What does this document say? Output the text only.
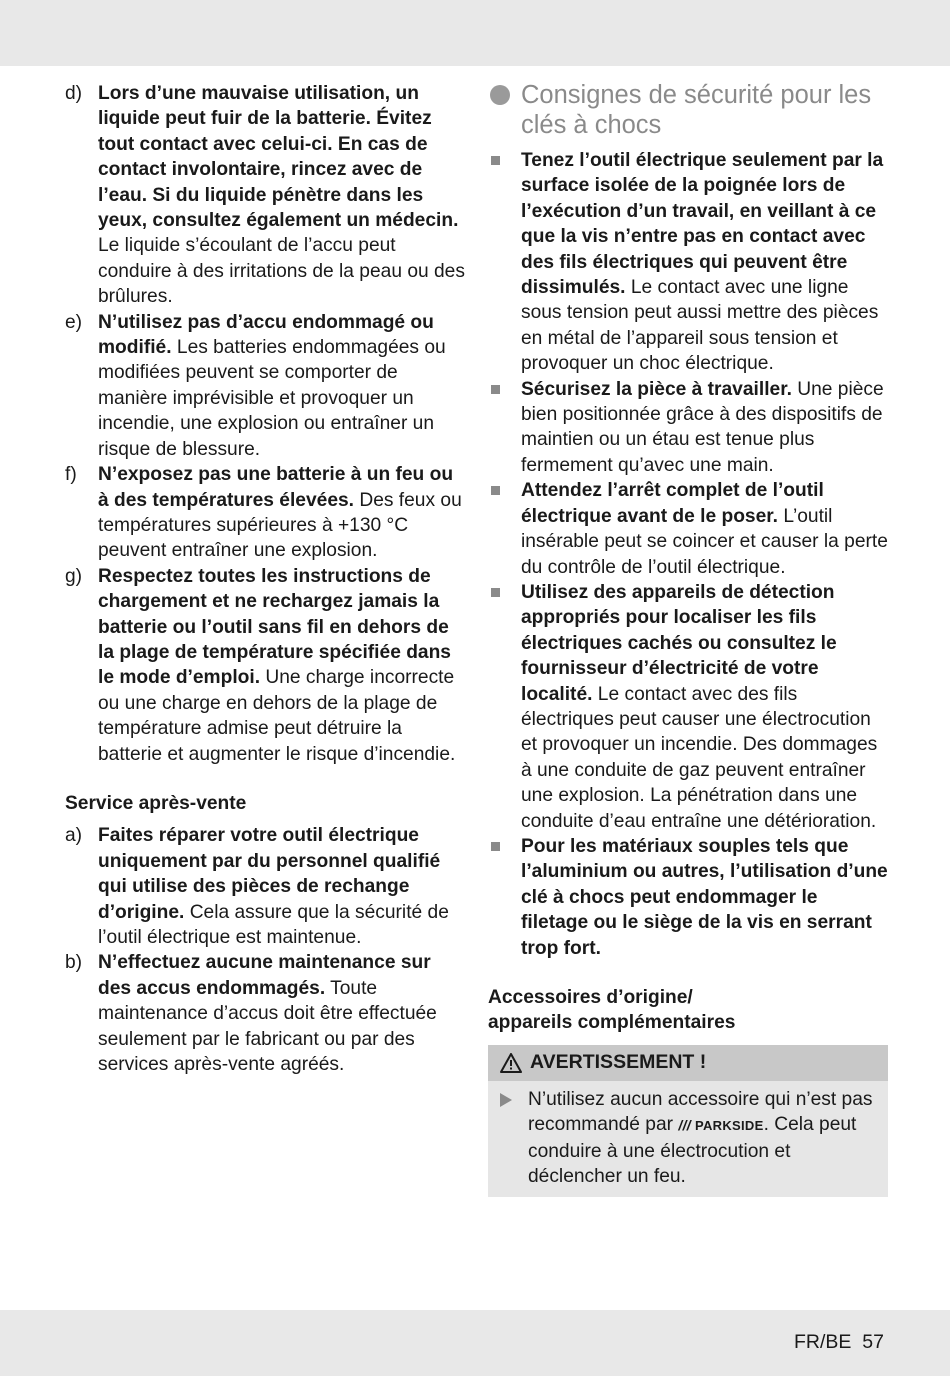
d) Lors d’une mauvaise utilisation, un liquide peut fuir de la batterie. Évitez tout contact avec celui-ci. En cas de contact involontaire, rincez avec de l’eau. Si du liquide pénètre dans les yeux, consultez également un médecin. Le liquide s’écoulant de l’accu peut conduire à des irritations de la peau ou des brûlures.
e) N’utilisez pas d’accu endommagé ou modifié. Les batteries endommagées ou modifiées peuvent se comporter de manière imprévisible et provoquer un incendie, une explosion ou entraîner un risque de blessure.
f) N’exposez pas une batterie à un feu ou à des températures élevées. Des feux ou températures supérieures à +130 °C peuvent entraîner une explosion.
g) Respectez toutes les instructions de chargement et ne rechargez jamais la batterie ou l’outil sans fil en dehors de la plage de température spécifiée dans le mode d’emploi. Une charge incorrecte ou une charge en dehors de la plage de température admise peut détruire la batterie et augmenter le risque d’incendie.
Service après-vente
a) Faites réparer votre outil électrique uniquement par du personnel qualifié qui utilise des pièces de rechange d’origine. Cela assure que la sécurité de l’outil électrique est maintenue.
b) N’effectuez aucune maintenance sur des accus endommagés. Toute maintenance d’accus doit être effectuée seulement par le fabricant ou par des services après-vente agréés.
Consignes de sécurité pour les clés à chocs
Tenez l’outil électrique seulement par la surface isolée de la poignée lors de l’exécution d’un travail, en veillant à ce que la vis n’entre pas en contact avec des fils électriques qui peuvent être dissimulés. Le contact avec une ligne sous tension peut aussi mettre des pièces en métal de l’appareil sous tension et provoquer un choc électrique.
Sécurisez la pièce à travailler. Une pièce bien positionnée grâce à des dispositifs de maintien ou un étau est tenue plus fermement qu’avec une main.
Attendez l’arrêt complet de l’outil électrique avant de le poser. L’outil insérable peut se coincer et causer la perte du contrôle de l’outil électrique.
Utilisez des appareils de détection appropriés pour localiser les fils électriques cachés ou consultez le fournisseur d’électricité de votre localité. Le contact avec des fils électriques peut causer une électrocution et provoquer un incendie. Des dommages à une conduite de gaz peuvent entraîner une explosion. La pénétration dans une conduite d’eau entraîne une détérioration.
Pour les matériaux souples tels que l’aluminium ou autres, l’utilisation d’une clé à chocs peut endommager le filetage ou le siège de la vis en serrant trop fort.
Accessoires d’origine/
appareils complémentaires
AVERTISSEMENT !
N’utilisez aucun accessoire qui n’est pas recommandé par /// PARKSIDE . Cela peut conduire à une électrocution et déclencher un feu.
FR/BE 57
